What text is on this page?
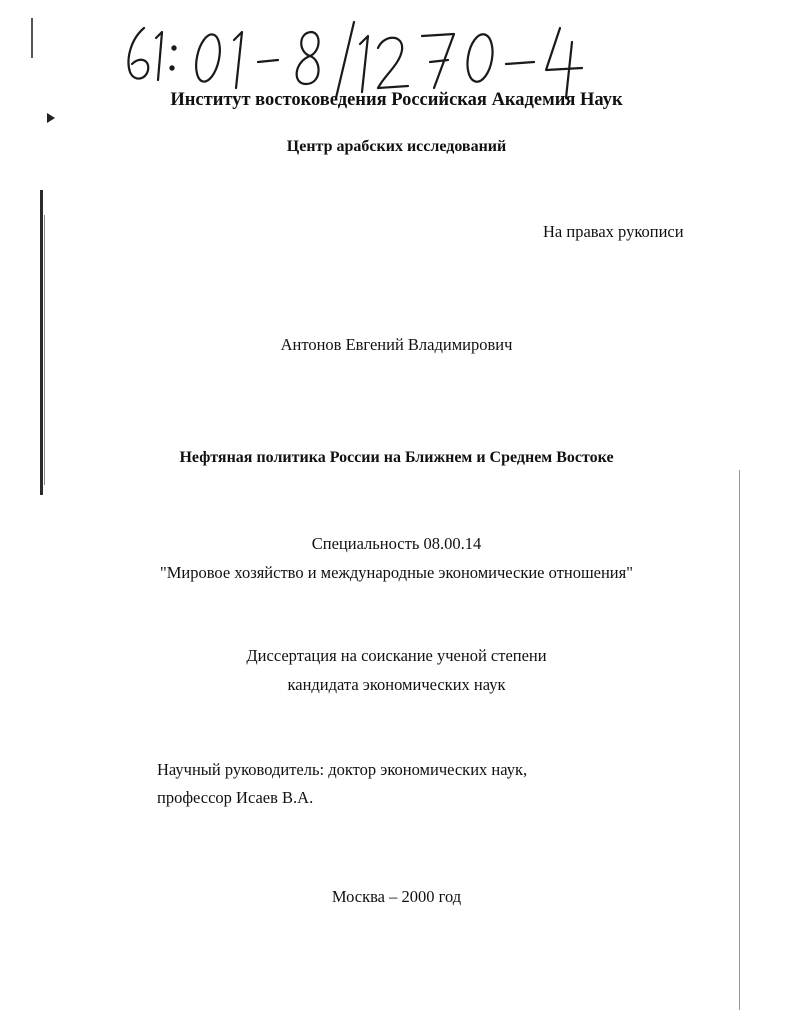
Институт востоковедения Российская Академия Наук
Центр арабских исследований
На правах рукописи
Антонов Евгений Владимирович
Нефтяная политика России на Ближнем и Среднем Востоке
Специальность 08.00.14
"Мировое хозяйство и международные экономические отношения"
Диссертация на соискание ученой степени
кандидата экономических наук
Научный руководитель: доктор экономических наук,
профессор Исаев В.А.
Москва – 2000 год
